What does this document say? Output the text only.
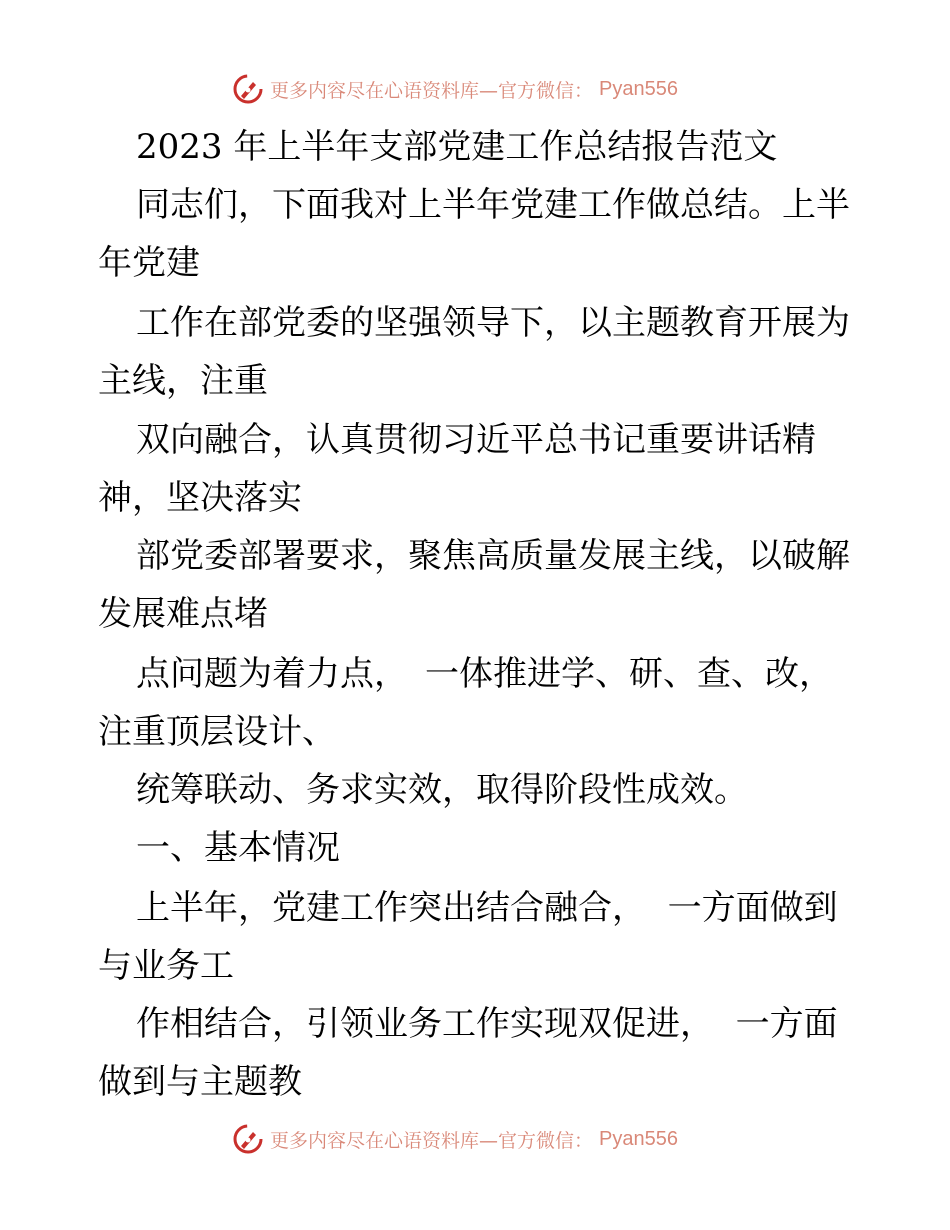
更多内容尽在心语资料库—官方微信： Pyan556
2023 年上半年支部党建工作总结报告范文
同志们，下面我对上半年党建工作做总结。上半
年党建
工作在部党委的坚强领导下，以主题教育开展为
主线，注重
双向融合，认真贯彻习近平总书记重要讲话精
神，坚决落实
部党委部署要求，聚焦高质量发展主线，以破解
发展难点堵
点问题为着力点，　一体推进学、研、查、改，
注重顶层设计、
统筹联动、务求实效，取得阶段性成效。
一、基本情况
上半年，党建工作突出结合融合，  一方面做到
与业务工
作相结合，引领业务工作实现双促进，  一方面
做到与主题教
更多内容尽在心语资料库—官方微信： Pyan556
